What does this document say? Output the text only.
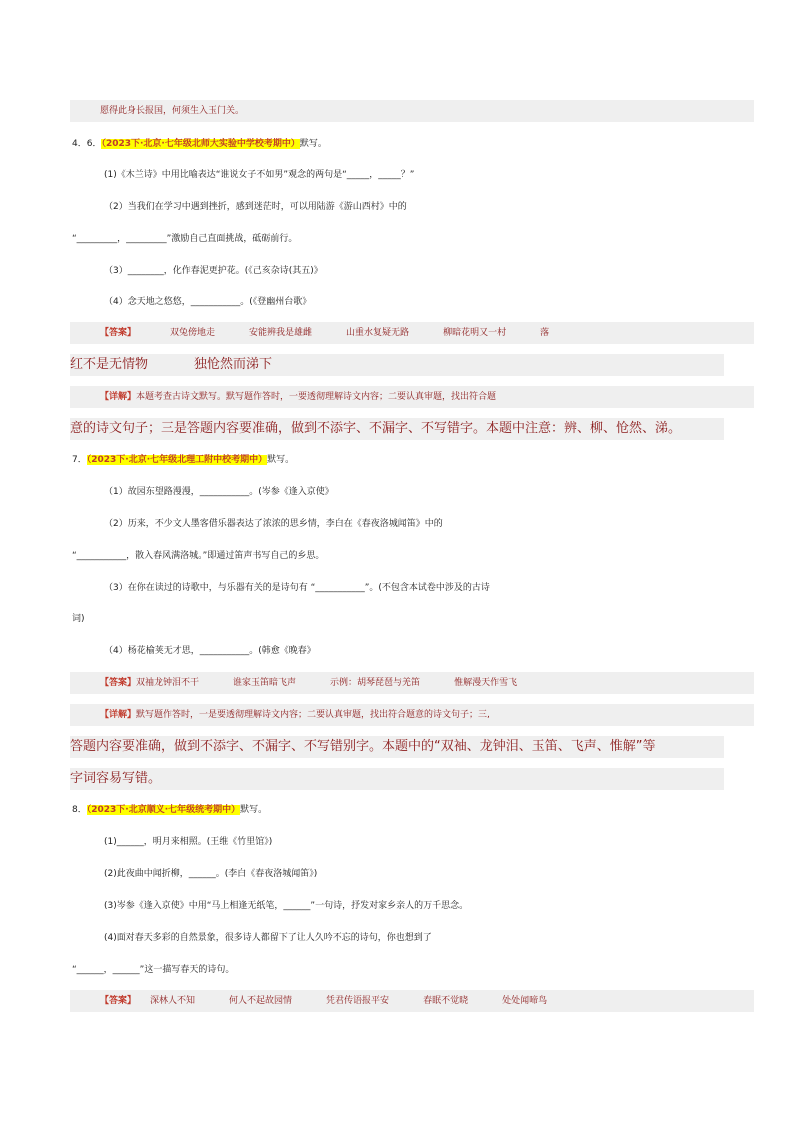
愿得此身长报国，何须生入玉门关。
4．6．（2023下·北京·七年级北师大实验中学校考期中）默写。
(1)《木兰诗》中用比喻表达“谁说女子不如男”观念的两句是“_____，_____？”
（2）当我们在学习中遇到挫折，感到迷茫时，可以用陆游《游山西村》中的
“_________，_________”激励自己直面挑战，砥砺前行。
（3）________，化作春泥更护花。(《己亥杂诗(其五)》
（4）念天地之悠悠，___________。(《登幽州台歌》
【答案】	双兔傍地走	安能辨我是雄雌	山重水复疑无路	柳暗花明又一村	落
红不是无情物	独怆然而涕下
【详解】本题考查古诗文默写。默写题作答时，一要透彻理解诗文内容；二要认真审题，找出符合题
意的诗文句子；三是答题内容要准确，做到不添字、不漏字、不写错字。本题中注意：辨、柳、怆然、涕。
7．（2023下·北京·七年级北理工附中校考期中）默写。
（1）故园东望路漫漫，___________。(岑参《逢入京使》
（2）历来，不少文人墨客借乐器表达了浓浓的思乡情，李白在《春夜洛城闻笛》中的
“___________，散入春风满洛城。”即通过笛声书写自己的乡思。
（3）在你在读过的诗歌中，与乐器有关的是诗句有 “___________”。(不包含本试卷中涉及的古诗
词)
（4）杨花榆荚无才思，___________。(韩愈《晚春》
【答案】双袖龙钟泪不干	谁家玉笛暗飞声	示例：胡琴琵琶与羌笛	惟解漫天作雪飞
【详解】默写题作答时，一是要透彻理解诗文内容；二要认真审题，找出符合题意的诗文句子；三,
答题内容要准确，做到不添字、不漏字、不写错别字。本题中的“双袖、龙钟泪、玉笛、飞声、惟解”等
字词容易写错。
8．（2023下·北京顺义·七年级统考期中）默写。
(1)______，明月来相照。(王维《竹里馆》)
(2)此夜曲中闻折柳，______。(李白《春夜洛城闻笛》)
(3)岑参《逢入京使》中用“马上相逢无纸笔，______”一句诗，抒发对家乡亲人的万千思念。
(4)面对春天多彩的自然景象，很多诗人都留下了让人久吟不忘的诗句，你也想到了
“______，______”这一描写春天的诗句。
【答案】 深林人不知	何人不起故园情	凭君传语报平安	春眠不觉晓	处处闻啼鸟
